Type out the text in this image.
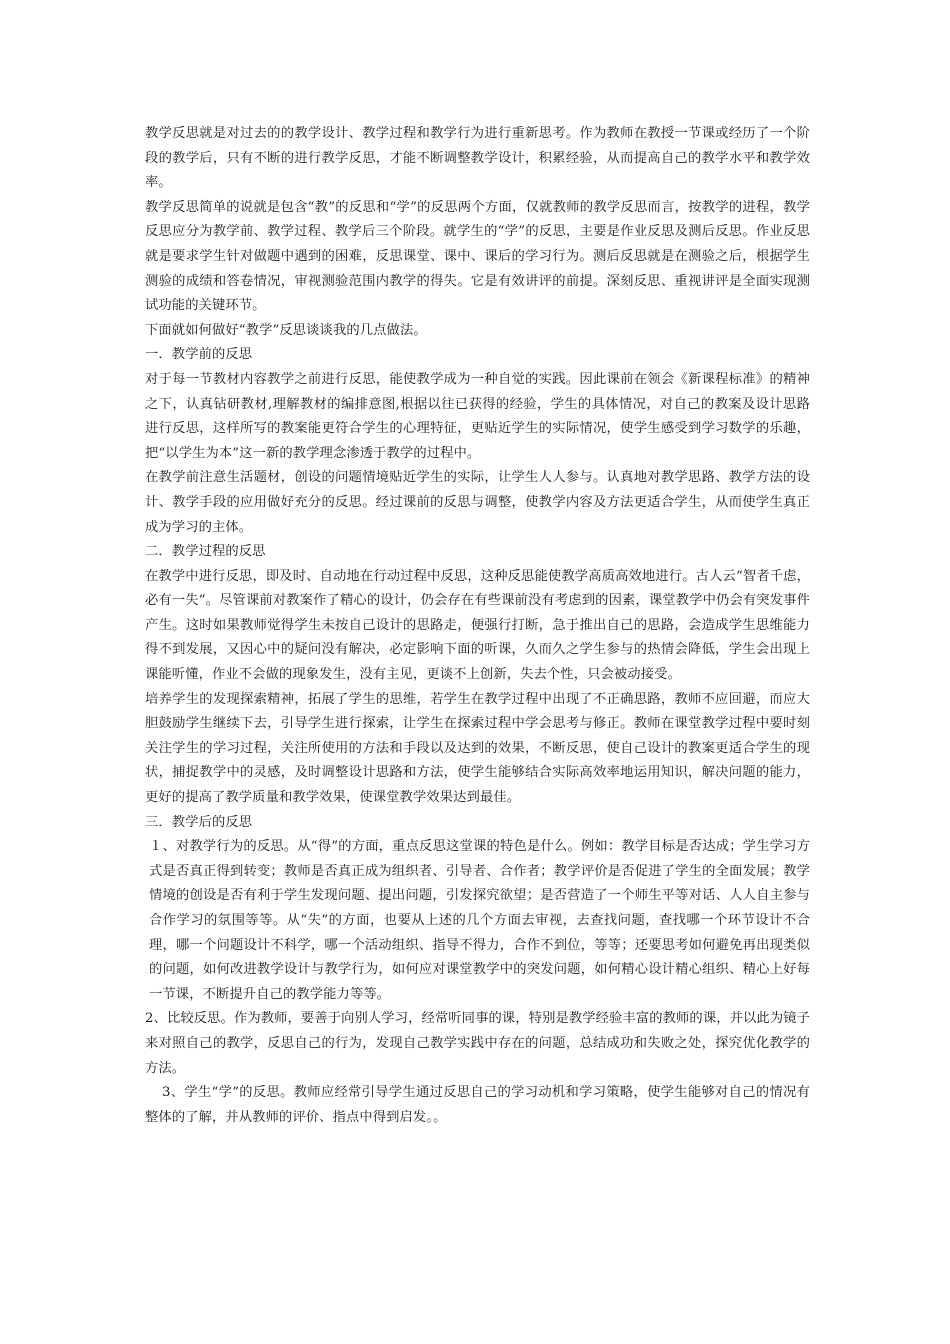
教学反思就是对过去的的教学设计、教学过程和教学行为进行重新思考。作为教师在教授一节课或经历了一个阶段的教学后，只有不断的进行教学反思，才能不断调整教学设计，积累经验，从而提高自己的教学水平和教学效率。

教学反思简单的说就是包含“教”的反思和“学”的反思两个方面，仅就教师的教学反思而言，按教学的进程，教学反思应分为教学前、教学过程、教学后三个阶段。就学生的“学”的反思，主要是作业反思及测后反思。作业反思就是要求学生针对做题中遇到的困难，反思课堂、课中、课后的学习行为。测后反思就是在测验之后，根据学生测验的成绩和答卷情况，审视测验范围内教学的得失。它是有效讲评的前提。深刻反思、重视讲评是全面实现测试功能的关键环节。

下面就如何做好“教学”反思谈谈我的几点做法。

一．教学前的反思

对于每一节教材内容教学之前进行反思，能使教学成为一种自觉的实践。因此课前在领会《新课程标准》的精神之下，认真钻研教材,理解教材的编排意图,根据以往已获得的经验，学生的具体情况，对自己的教案及设计思路进行反思，这样所写的教案能更符合学生的心理特征，更贴近学生的实际情况，使学生感受到学习数学的乐趣，把“以学生为本”这一新的教学理念渗透于教学的过程中。

在教学前注意生活题材，创设的问题情境贴近学生的实际，让学生人人参与。认真地对教学思路、教学方法的设计、教学手段的应用做好充分的反思。经过课前的反思与调整，使教学内容及方法更适合学生，从而使学生真正成为学习的主体。

二．教学过程的反思

在教学中进行反思，即及时、自动地在行动过程中反思，这种反思能使教学高质高效地进行。古人云“智者千虑，必有一失”。尽管课前对教案作了精心的设计，仍会存在有些课前没有考虑到的因素，课堂教学中仍会有突发事件产生。这时如果教师觉得学生未按自己设计的思路走，便强行打断，急于推出自己的思路，会造成学生思维能力得不到发展，又因心中的疑问没有解决，必定影响下面的听课，久而久之学生参与的热情会降低，学生会出现上课能听懂，作业不会做的现象发生，没有主见，更谈不上创新，失去个性，只会被动接受。

培养学生的发现探索精神，拓展了学生的思维，若学生在教学过程中出现了不正确思路，教师不应回避，而应大胆鼓励学生继续下去，引导学生进行探索，让学生在探索过程中学会思考与修正。教师在课堂教学过程中要时刻关注学生的学习过程，关注所使用的方法和手段以及达到的效果，不断反思，使自己设计的教案更适合学生的现状，捕捉教学中的灵感，及时调整设计思路和方法，使学生能够结合实际高效率地运用知识，解决问题的能力，更好的提高了教学质量和教学效果，使课堂教学效果达到最佳。

三．教学后的反思

１、对教学行为的反思。从“得”的方面，重点反思这堂课的特色是什么。例如：教学目标是否达成；学生学习方式是否真正得到转变；教师是否真正成为组织者、引导者、合作者；教学评价是否促进了学生的全面发展；教学情境的创设是否有利于学生发现问题、提出问题，引发探究欲望；是否营造了一个师生平等对话、人人自主参与合作学习的氛围等等。从“失”的方面，也要从上述的几个方面去审视，去查找问题，查找哪一个环节设计不合理，哪一个问题设计不科学，哪一个活动组织、指导不得力，合作不到位，等等；还要思考如何避免再出现类似的问题，如何改进教学设计与教学行为，如何应对课堂教学中的突发问题，如何精心设计精心组织、精心上好每一节课，不断提升自己的教学能力等等。

2、比较反思。作为教师，要善于向别人学习，经常听同事的课，特别是教学经验丰富的教师的课，并以此为镜子来对照自己的教学，反思自己的行为，发现自己教学实践中存在的问题，总结成功和失败之处，探究优化教学的方法。

3、学生“学”的反思。教师应经常引导学生通过反思自己的学习动机和学习策略，使学生能够对自己的情况有整体的了解，并从教师的评价、指点中得到启发。。
